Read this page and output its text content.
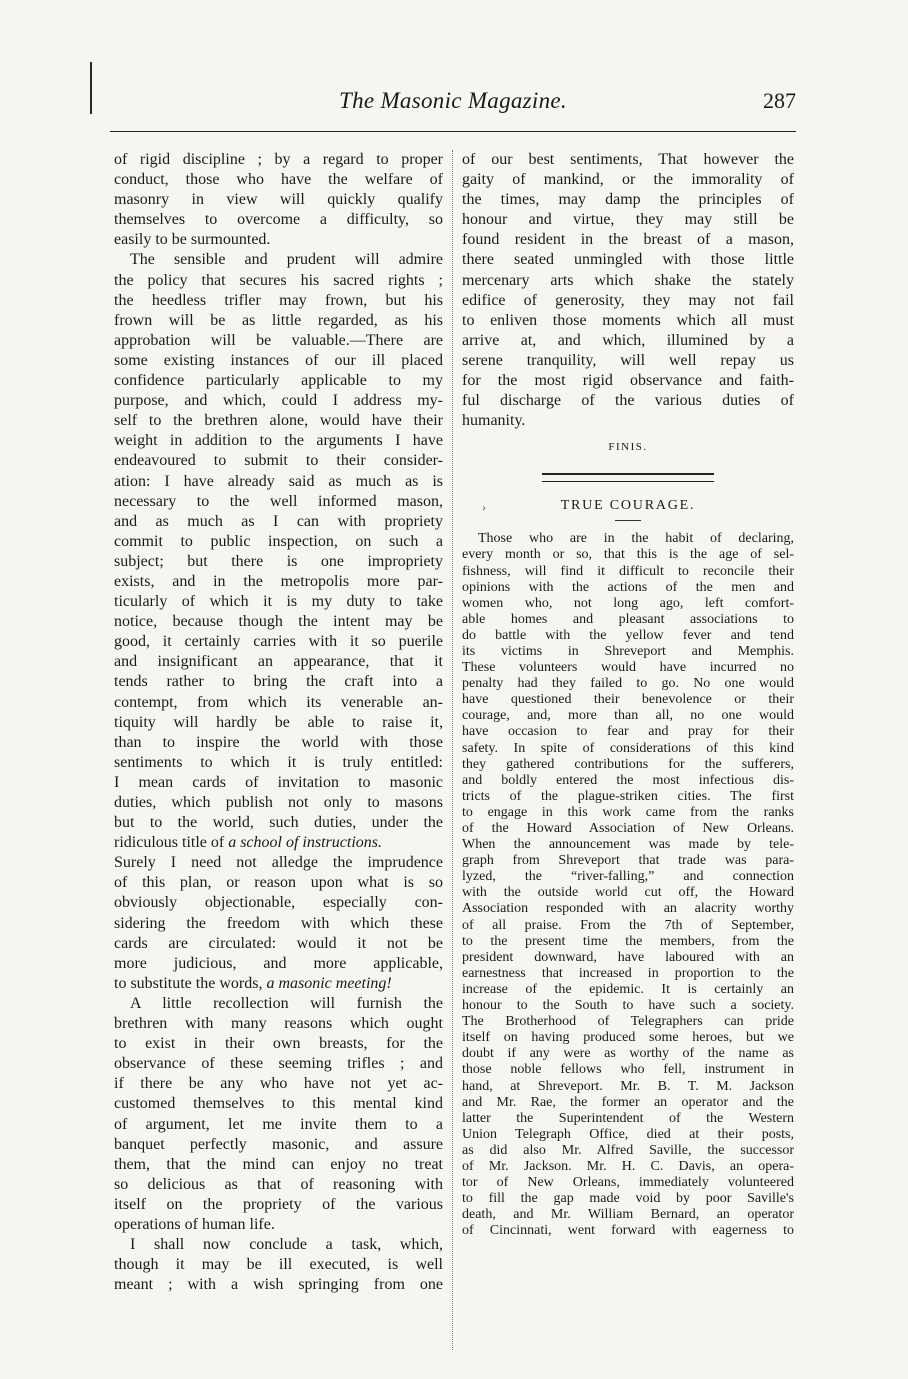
The Masonic Magazine.	287
of rigid discipline ; by a regard to proper
conduct, those who have the welfare of
masonry in view will quickly qualify
themselves to overcome a difficulty, so
easily to be surmounted.
The sensible and prudent will admire
the policy that secures his sacred rights ;
the heedless trifler may frown, but his
frown will be as little regarded, as his
approbation will be valuable.—There are
some existing instances of our ill placed
confidence particularly applicable to my
purpose, and which, could I address my-
self to the brethren alone, would have their
weight in addition to the arguments I have
endeavoured to submit to their consider-
ation: I have already said as much as is
necessary to the well informed mason,
and as much as I can with propriety
commit to public inspection, on such a
subject; but there is one impropriety
exists, and in the metropolis more par-
ticularly of which it is my duty to take
notice, because though the intent may be
good, it certainly carries with it so puerile
and insignificant an appearance, that it
tends rather to bring the craft into a
contempt, from which its venerable an-
tiquity will hardly be able to raise it,
than to inspire the world with those
sentiments to which it is truly entitled:
I mean cards of invitation to masonic
duties, which publish not only to masons
but to the world, such duties, under the
ridiculous title of a school of instructions.
Surely I need not alledge the imprudence
of this plan, or reason upon what is so
obviously objectionable, especially con-
sidering the freedom with which these
cards are circulated: would it not be
more judicious, and more applicable,
to substitute the words, a masonic meeting!
A little recollection will furnish the
brethren with many reasons which ought
to exist in their own breasts, for the
observance of these seeming trifles ; and
if there be any who have not yet ac-
customed themselves to this mental kind
of argument, let me invite them to a
banquet perfectly masonic, and assure
them, that the mind can enjoy no treat
so delicious as that of reasoning with
itself on the propriety of the various
operations of human life.
I shall now conclude a task, which,
though it may be ill executed, is well
meant ; with a wish springing from one
of our best sentiments, That however the
gaity of mankind, or the immorality of
the times, may damp the principles of
honour and virtue, they may still be
found resident in the breast of a mason,
there seated unmingled with those little
mercenary arts which shake the stately
edifice of generosity, they may not fail
to enliven those moments which all must
arrive at, and which, illumined by a
serene tranquility, will well repay us
for the most rigid observance and faith-
ful discharge of the various duties of
humanity.
FINIS.
›	TRUE COURAGE.
Those who are in the habit of declaring,
every month or so, that this is the age of sel-
fishness, will find it difficult to reconcile their
opinions with the actions of the men and
women who, not long ago, left comfort-
able homes and pleasant associations to
do battle with the yellow fever and tend
its victims in Shreveport and Memphis.
These volunteers would have incurred no
penalty had they failed to go. No one would
have questioned their benevolence or their
courage, and, more than all, no one would
have occasion to fear and pray for their
safety. In spite of considerations of this kind
they gathered contributions for the sufferers,
and boldly entered the most infectious dis-
tricts of the plague-striken cities. The first
to engage in this work came from the ranks
of the Howard Association of New Orleans.
When the announcement was made by tele-
graph from Shreveport that trade was para-
lyzed, the “river-falling,” and connection
with the outside world cut off, the Howard
Association responded with an alacrity worthy
of all praise. From the 7th of September,
to the present time the members, from the
president downward, have laboured with an
earnestness that increased in proportion to the
increase of the epidemic. It is certainly an
honour to the South to have such a society.
The Brotherhood of Telegraphers can pride
itself on having produced some heroes, but we
doubt if any were as worthy of the name as
those noble fellows who fell, instrument in
hand, at Shreveport. Mr. B. T. M. Jackson
and Mr. Rae, the former an operator and the
latter the Superintendent of the Western
Union Telegraph Office, died at their posts,
as did also Mr. Alfred Saville, the successor
of Mr. Jackson. Mr. H. C. Davis, an opera-
tor of New Orleans, immediately volunteered
to fill the gap made void by poor Saville's
death, and Mr. William Bernard, an operator
of Cincinnati, went forward with eagerness to
